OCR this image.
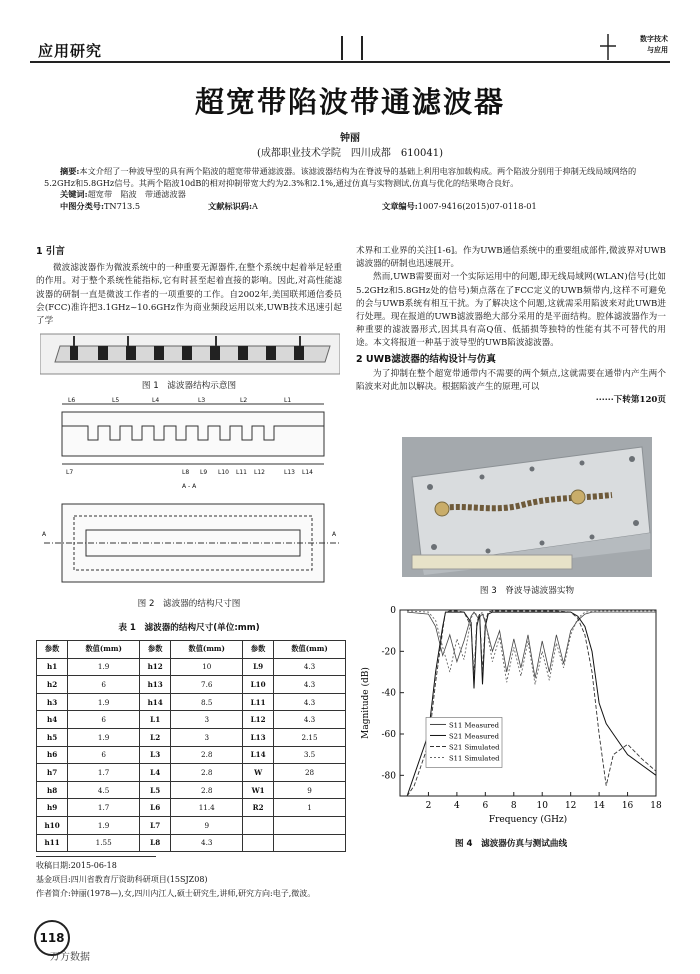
应用研究
数字技术
与应用
超宽带陷波带通滤波器
钟丽
(成都职业技术学院　四川成都　610041)
摘要:本文介绍了一种波导型的具有两个陷波的超宽带带通滤波器。该滤波器结构为在脊波导的基础上利用电容加载构成。两个陷波分别用于抑制无线局域网络的5.2GHz和5.8GHz信号。其两个陷波10dB的相对抑制带宽大约为2.3%和2.1%,通过仿真与实物测试,仿真与优化的结果吻合良好。
关键词:超宽带　陷波　带通滤波器
中图分类号:TN713.5	文献标识码:A	文章编号:1007-9416(2015)07-0118-01
1 引言

微波滤波器作为微波系统中的一种重要无源器件,在整个系统中起着举足轻重的作用。对于整个系统性能指标,它有时甚至起着直接的影响。因此,对高性能滤波器的研制一直是微波工作者的一项重要的工作。自2002年,美国联邦通信委员会(FCC)准许把3.1GHz~10.6GHz作为商业频段运用以来,UWB技术迅速引起了学

图 1　滤波器结构示意图
L6	L5	L4	L3	L2	L1
L7	L8 L9 L10 L11 L12	L13 L14
A - A
A	A
图 2　滤波器的结构尺寸图
表 1　滤波器的结构尺寸(单位:mm)
参数	数值(mm)	参数	数值(mm)	参数	数值(mm)
h1	1.9	h12	10	L9	4.3
h2	6	h13	7.6	L10	4.3
h3	1.9	h14	8.5	L11	4.3
h4	6	L1	3	L12	4.3
h5	1.9	L2	3	L13	2.15
h6	6	L3	2.8	L14	3.5
h7	1.7	L4	2.8	W	28
h8	4.5	L5	2.8	W1	9
h9	1.7	L6	11.4	R2	1
h10	1.9	L7	9		
h11	1.55	L8	4.3		

术界和工业界的关注[1-6]。作为UWB通信系统中的重要组成部件,微波界对UWB滤波器的研制也迅速展开。

然而,UWB需要面对一个实际运用中的问题,即无线局域网(WLAN)信号(比如5.2GHz和5.8GHz处的信号)频点落在了FCC定义的UWB频带内,这样不可避免的会与UWB系统有相互干扰。为了解决这个问题,这就需采用陷波来对此UWB进行处理。现在报道的UWB滤波器绝大部分采用的是平面结构。腔体滤波器作为一种重要的滤波器形式,因其具有高Q值、低插损等独特的性能有其不可替代的用途。本文将报道一种基于波导型的UWB陷波滤波器。

2 UWB滤波器的结构设计与仿真

为了抑制在整个超宽带通带内不需要的两个频点,这就需要在通带内产生两个陷波来对此加以解决。根据陷波产生的原理,可以

······下转第120页
图 3　脊波导滤波器实物
2	4	6	8 10 12 14 16 18
0
-20
-40
-60
-80
Frequency (GHz)
Magnitude (dB)	S11 Measured
S21 Measured
S21 Simulated
S11 Simulated
图 4　滤波器仿真与测试曲线
收稿日期:2015-06-18
基金项目:四川省教育厅资助科研项目(15SJZ08)
作者简介:钟丽(1978—),女,四川内江人,硕士研究生,讲师,研究方向:电子,微波。
118
万方数据
